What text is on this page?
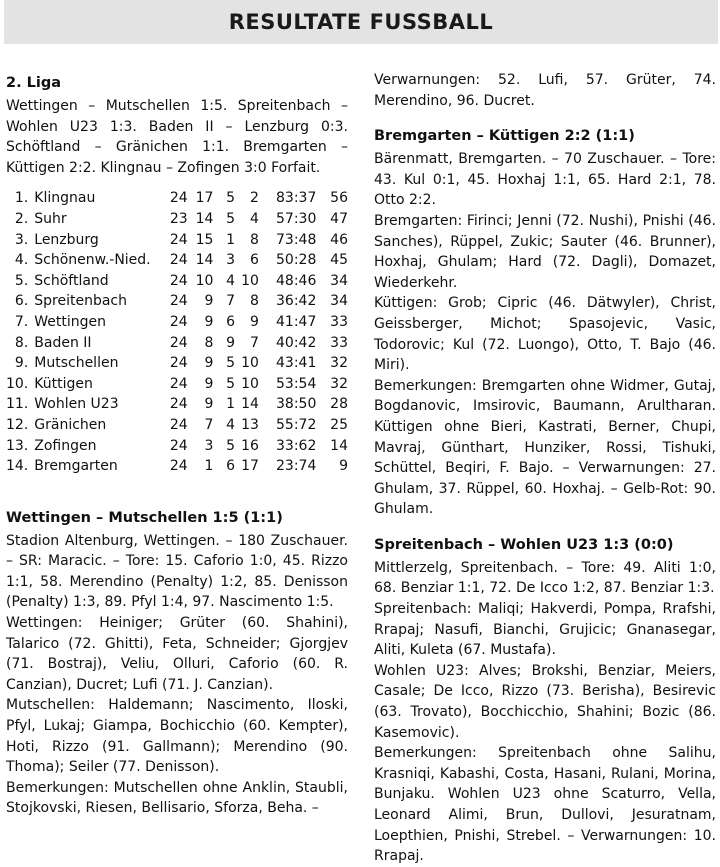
RESULTATE FUSSBALL
2. Liga
Wettingen – Mutschellen 1:5. Spreitenbach – Wohlen U23 1:3. Baden II – Lenzburg 0:3. Schöftland – Gränichen 1:1. Bremgarten – Küttigen 2:2. Klingnau – Zofingen 3:0 Forfait.
1.	Klingnau	24	17	5	2	83:37	56
2.	Suhr	23	14	5	4	57:30	47
3.	Lenzburg	24	15	1	8	73:48	46
4.	Schönenw.-Nied.	24	14	3	6	50:28	45
5.	Schöftland	24	10	4	10	48:46	34
6.	Spreitenbach	24	9	7	8	36:42	34
7.	Wettingen	24	9	6	9	41:47	33
8.	Baden II	24	8	9	7	40:42	33
9.	Mutschellen	24	9	5	10	43:41	32
10.	Küttigen	24	9	5	10	53:54	32
11.	Wohlen U23	24	9	1	14	38:50	28
12.	Gränichen	24	7	4	13	55:72	25
13.	Zofingen	24	3	5	16	33:62	14
14.	Bremgarten	24	1	6	17	23:74	9
Wettingen – Mutschellen 1:5 (1:1)
Stadion Altenburg, Wettingen. – 180 Zuschauer. – SR: Maracic. – Tore: 15. Caforio 1:0, 45. Rizzo 1:1, 58. Merendino (Penalty) 1:2, 85. Denisson (Penalty) 1:3, 89. Pfyl 1:4, 97. Nascimento 1:5.
Wettingen: Heiniger; Grüter (60. Shahini), Talarico (72. Ghitti), Feta, Schneider; Gjorgjev (71. Bostraj), Veliu, Olluri, Caforio (60. R. Canzian), Ducret; Lufi (71. J. Canzian).
Mutschellen: Haldemann; Nascimento, Iloski, Pfyl, Lukaj; Giampa, Bochicchio (60. Kempter), Hoti, Rizzo (91. Gallmann); Merendino (90. Thoma); Seiler (77. Denisson).
Bemerkungen: Mutschellen ohne Anklin, Staubli, Stojkovski, Riesen, Bellisario, Sforza, Beha. –
Verwarnungen: 52. Lufi, 57. Grüter, 74. Merendino, 96. Ducret.
Bremgarten – Küttigen 2:2 (1:1)
Bärenmatt, Bremgarten. – 70 Zuschauer. – Tore: 43. Kul 0:1, 45. Hoxhaj 1:1, 65. Hard 2:1, 78. Otto 2:2.
Bremgarten: Firinci; Jenni (72. Nushi), Pnishi (46. Sanches), Rüppel, Zukic; Sauter (46. Brunner), Hoxhaj, Ghulam; Hard (72. Dagli), Domazet, Wiederkehr.
Küttigen: Grob; Cipric (46. Dätwyler), Christ, Geissberger, Michot; Spasojevic, Vasic, Todorovic; Kul (72. Luongo), Otto, T. Bajo (46. Miri).
Bemerkungen: Bremgarten ohne Widmer, Gutaj, Bogdanovic, Imsirovic, Baumann, Arultharan. Küttigen ohne Bieri, Kastrati, Berner, Chupi, Mavraj, Günthart, Hunziker, Rossi, Tishuki, Schüttel, Beqiri, F. Bajo. – Verwarnungen: 27. Ghulam, 37. Rüppel, 60. Hoxhaj. – Gelb-Rot: 90. Ghulam.
Spreitenbach – Wohlen U23 1:3 (0:0)
Mittlerzelg, Spreitenbach. – Tore: 49. Aliti 1:0, 68. Benziar 1:1, 72. De Icco 1:2, 87. Benziar 1:3.
Spreitenbach: Maliqi; Hakverdi, Pompa, Rrafshi, Rrapaj; Nasufi, Bianchi, Grujicic; Gnanasegar, Aliti, Kuleta (67. Mustafa).
Wohlen U23: Alves; Brokshi, Benziar, Meiers, Casale; De Icco, Rizzo (73. Berisha), Besirevic (63. Trovato), Bocchicchio, Shahini; Bozic (86. Kasemovic).
Bemerkungen: Spreitenbach ohne Salihu, Krasniqi, Kabashi, Costa, Hasani, Rulani, Morina, Bunjaku. Wohlen U23 ohne Scaturro, Vella, Leonard Alimi, Brun, Dullovi, Jesuratnam, Loepthien, Pnishi, Strebel. – Verwarnungen: 10. Rrapaj.
